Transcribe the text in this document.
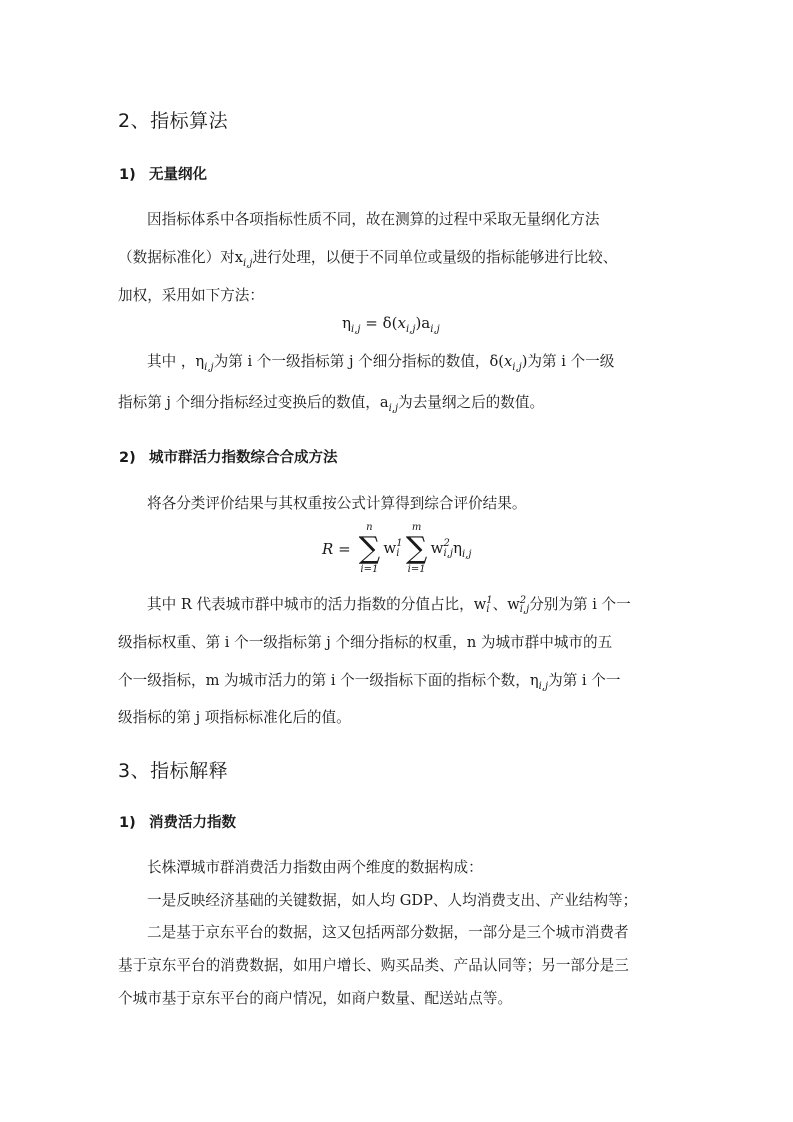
2、指标算法
1) 无量纲化
因指标体系中各项指标性质不同，故在测算的过程中采取无量纲化方法
（数据标准化）对$x_{i,j}$进行处理，以便于不同单位或量级的指标能够进行比较、
加权，采用如下方法：
$\eta_{i,j} = \delta(x_{i,j})a_{i,j}$
其中 ，$\eta_{i,j}$为第 i 个一级指标第 j 个细分指标的数值，$\delta(x_{i,j})$为第 i 个一级
指标第 j 个细分指标经过变换后的数值，$a_{i,j}$为去量纲之后的数值。
2) 城市群活力指数综合合成方法
将各分类评价结果与其权重按公式计算得到综合评价结果。
R =
n
∑
i=1
w 1
i
m
∑
i=1
w 2
i,j $\eta_{i,j}$
其中 R 代表城市群中城市的活力指数的分值占比，w 1
i 、w 2
i,j 分别为第 i 个一
级指标权重、第 i 个一级指标第 j 个细分指标的权重，n 为城市群中城市的五
个一级指标，m 为城市活力的第 i 个一级指标下面的指标个数，$\eta_{i,j}$为第 i 个一
级指标的第 j 项指标标准化后的值。
3、指标解释
1) 消费活力指数
长株潭城市群消费活力指数由两个维度的数据构成：
一是反映经济基础的关键数据，如人均 GDP、人均消费支出、产业结构等；
二是基于京东平台的数据，这又包括两部分数据，一部分是三个城市消费者
基于京东平台的消费数据，如用户增长、购买品类、产品认同等；另一部分是三
个城市基于京东平台的商户情况，如商户数量、配送站点等。
